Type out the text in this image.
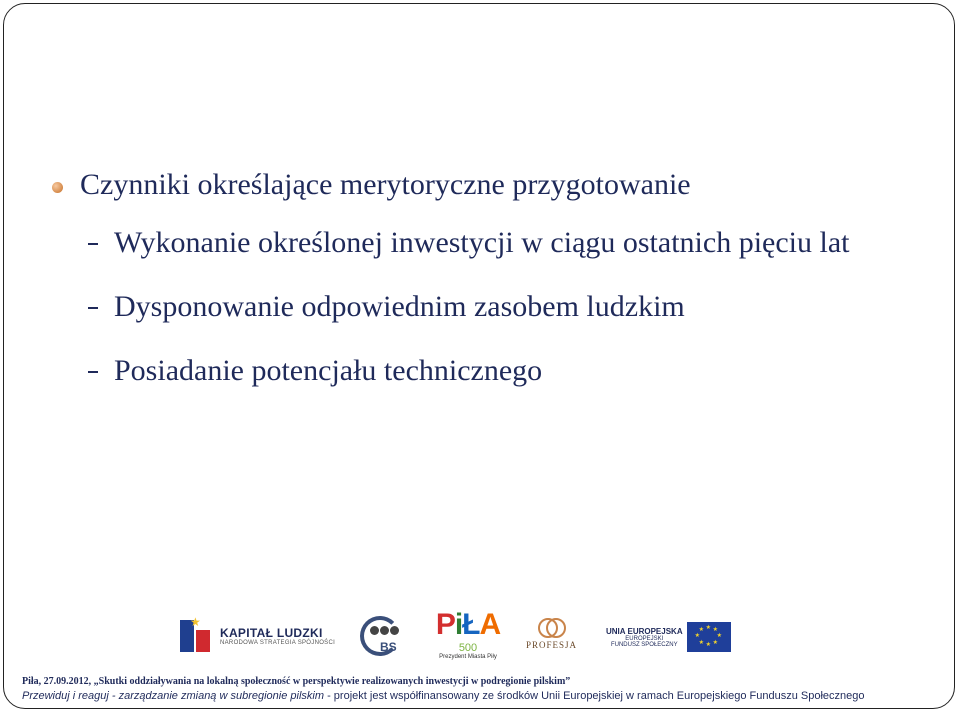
Czynniki określające merytoryczne przygotowanie
Wykonanie określonej inwestycji w ciągu ostatnich pięciu lat
Dysponowanie odpowiednim zasobem ludzkim
Posiadanie potencjału technicznego
★
KAPITAŁ LUDZKI
NARODOWA STRATEGIA SPÓJNOŚCI	BS
PiŁA
500
Prezydent Miasta Piły
PROFESJA
UNIA EUROPEJSKA
EUROPEJSKI
FUNDUSZ SPOŁECZNY
★ ★
★
★
★
★
★
★
Piła, 27.09.2012, „Skutki oddziaływania na lokalną społeczność w perspektywie realizowanych inwestycji w podregionie pilskim”
Przewiduj i reaguj - zarządzanie zmianą w subregionie pilskim - projekt jest współfinansowany ze środków Unii Europejskiej w ramach Europejskiego Funduszu Społecznego
